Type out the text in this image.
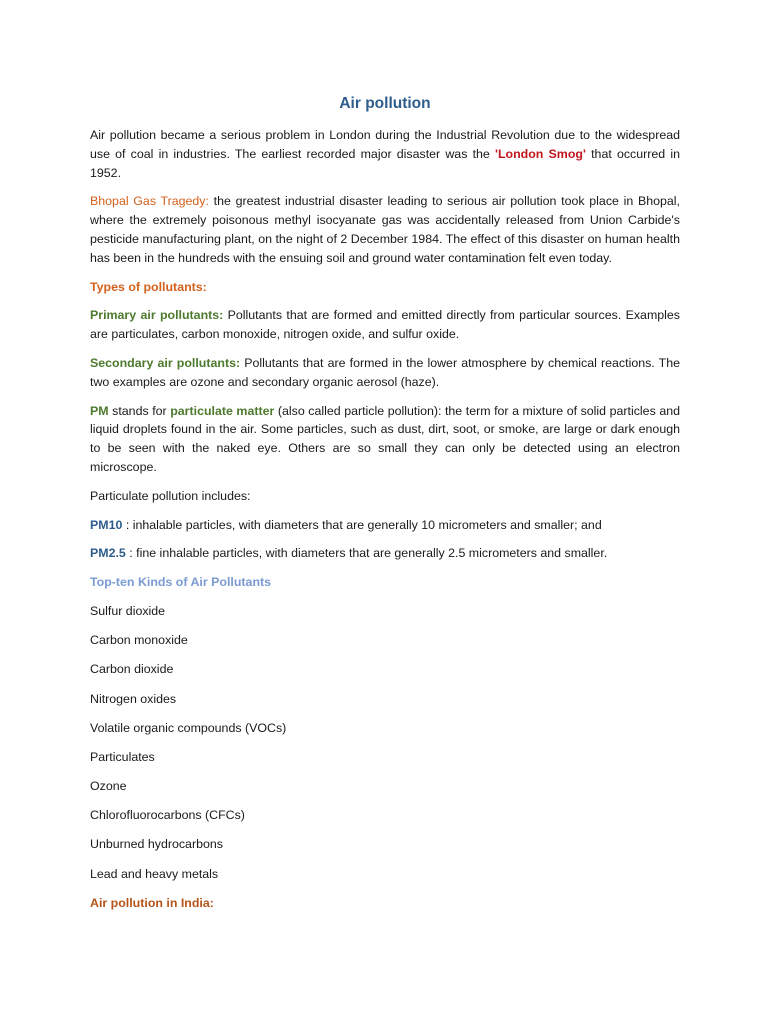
Air pollution

Air pollution became a serious problem in London during the Industrial Revolution due to the widespread use of coal in industries. The earliest recorded major disaster was the 'London Smog' that occurred in 1952.

Bhopal Gas Tragedy: the greatest industrial disaster leading to serious air pollution took place in Bhopal, where the extremely poisonous methyl isocyanate gas was accidentally released from Union Carbide's pesticide manufacturing plant, on the night of 2 December 1984. The effect of this disaster on human health has been in the hundreds with the ensuing soil and ground water contamination felt even today.

Types of pollutants:

Primary air pollutants: Pollutants that are formed and emitted directly from particular sources. Examples are particulates, carbon monoxide, nitrogen oxide, and sulfur oxide.

Secondary air pollutants: Pollutants that are formed in the lower atmosphere by chemical reactions. The two examples are ozone and secondary organic aerosol (haze).

PM stands for particulate matter (also called particle pollution): the term for a mixture of solid particles and liquid droplets found in the air. Some particles, such as dust, dirt, soot, or smoke, are large or dark enough to be seen with the naked eye. Others are so small they can only be detected using an electron microscope.

Particulate pollution includes:

PM10 : inhalable particles, with diameters that are generally 10 micrometers and smaller; and

PM2.5 : fine inhalable particles, with diameters that are generally 2.5 micrometers and smaller.

Top-ten Kinds of Air Pollutants

Sulfur dioxide
Carbon monoxide
Carbon dioxide
Nitrogen oxides
Volatile organic compounds (VOCs)
Particulates
Ozone
Chlorofluorocarbons (CFCs)
Unburned hydrocarbons
Lead and heavy metals

Air pollution in India:
